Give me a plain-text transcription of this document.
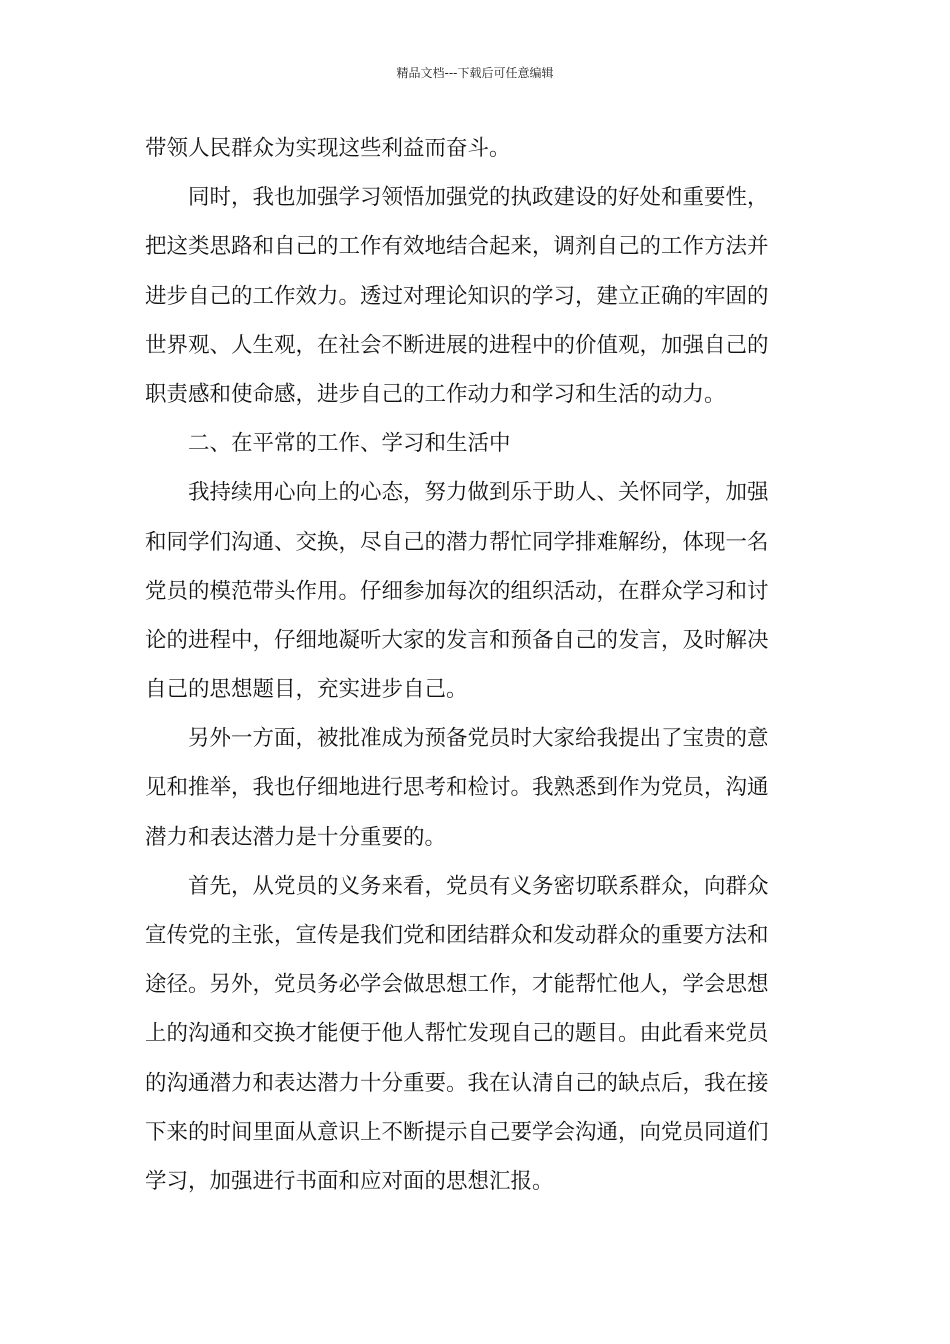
精品文档---下载后可任意编辑
带领人民群众为实现这些利益而奋斗。
同时，我也加强学习领悟加强党的执政建设的好处和重要性，
把这类思路和自己的工作有效地结合起来，调剂自己的工作方法并
进步自己的工作效力。透过对理论知识的学习，建立正确的牢固的
世界观、人生观，在社会不断进展的进程中的价值观，加强自己的
职责感和使命感，进步自己的工作动力和学习和生活的动力。
二、在平常的工作、学习和生活中
我持续用心向上的心态，努力做到乐于助人、关怀同学，加强
和同学们沟通、交换，尽自己的潜力帮忙同学排难解纷，体现一名
党员的模范带头作用。仔细参加每次的组织活动，在群众学习和讨
论的进程中，仔细地凝听大家的发言和预备自己的发言，及时解决
自己的思想题目，充实进步自己。
另外一方面，被批准成为预备党员时大家给我提出了宝贵的意
见和推举，我也仔细地进行思考和检讨。我熟悉到作为党员，沟通
潜力和表达潜力是十分重要的。
首先，从党员的义务来看，党员有义务密切联系群众，向群众
宣传党的主张，宣传是我们党和团结群众和发动群众的重要方法和
途径。另外，党员务必学会做思想工作，才能帮忙他人，学会思想
上的沟通和交换才能便于他人帮忙发现自己的题目。由此看来党员
的沟通潜力和表达潜力十分重要。我在认清自己的缺点后，我在接
下来的时间里面从意识上不断提示自己要学会沟通，向党员同道们
学习，加强进行书面和应对面的思想汇报。
